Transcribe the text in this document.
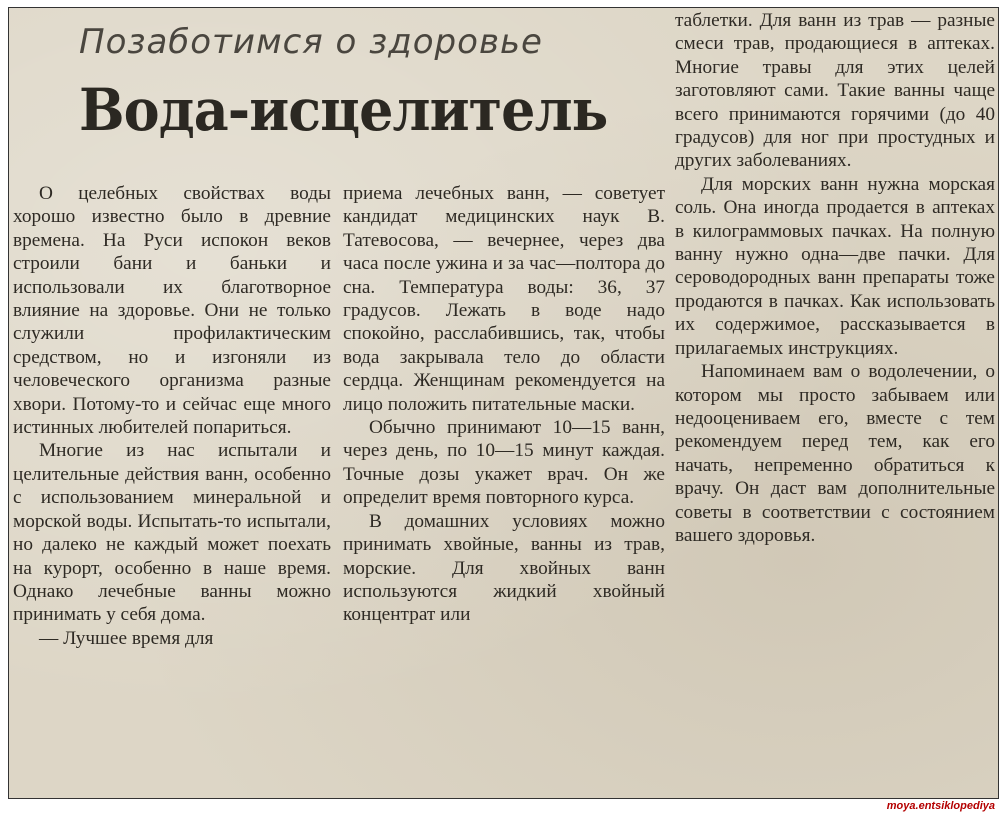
Позаботимся о здоровье
Вода-исцелитель

О целебных свойствах воды хорошо известно было в древние времена. На Руси испокон веков строили бани и баньки и использовали их благотворное влияние на здоровье. Они не только служили профилактическим средством, но и изгоняли из человеческого организма разные хвори. Потому-то и сейчас еще много истинных любителей попариться.

Многие из нас испытали и целительные действия ванн, особенно с использованием минеральной и морской воды. Испытать-то испытали, но далеко не каждый может поехать на курорт, особенно в наше время. Однако лечебные ванны можно принимать у себя дома.

— Лучшее время для

приема лечебных ванн, — советует кандидат медицинских наук В. Татевосова, — вечернее, через два часа после ужина и за час—полтора до сна. Температура воды: 36, 37 градусов. Лежать в воде надо спокойно, расслабившись, так, чтобы вода закрывала тело до области сердца. Женщинам рекомендуется на лицо положить питательные маски.

Обычно принимают 10—15 ванн, через день, по 10—15 минут каждая. Точные дозы укажет врач. Он же определит время повторного курса.

В домашних условиях можно принимать хвойные, ванны из трав, морские. Для хвойных ванн используются жидкий хвойный концентрат или

таблетки. Для ванн из трав — разные смеси трав, продающиеся в аптеках. Многие травы для этих целей заготовляют сами. Такие ванны чаще всего принимаются горячими (до 40 градусов) для ног при простудных и других заболеваниях.

Для морских ванн нужна морская соль. Она иногда продается в аптеках в килограммовых пачках. На полную ванну нужно одна—две пачки. Для сероводородных ванн препараты тоже продаются в пачках. Как использовать их содержимое, рассказывается в прилагаемых инструкциях.

Напоминаем вам о водолечении, о котором мы просто забываем или недооцениваем его, вместе с тем рекомендуем перед тем, как его начать, непременно обратиться к врачу. Он даст вам дополнительные советы в соответствии с состоянием вашего здоровья.

moya.entsiklopediya
